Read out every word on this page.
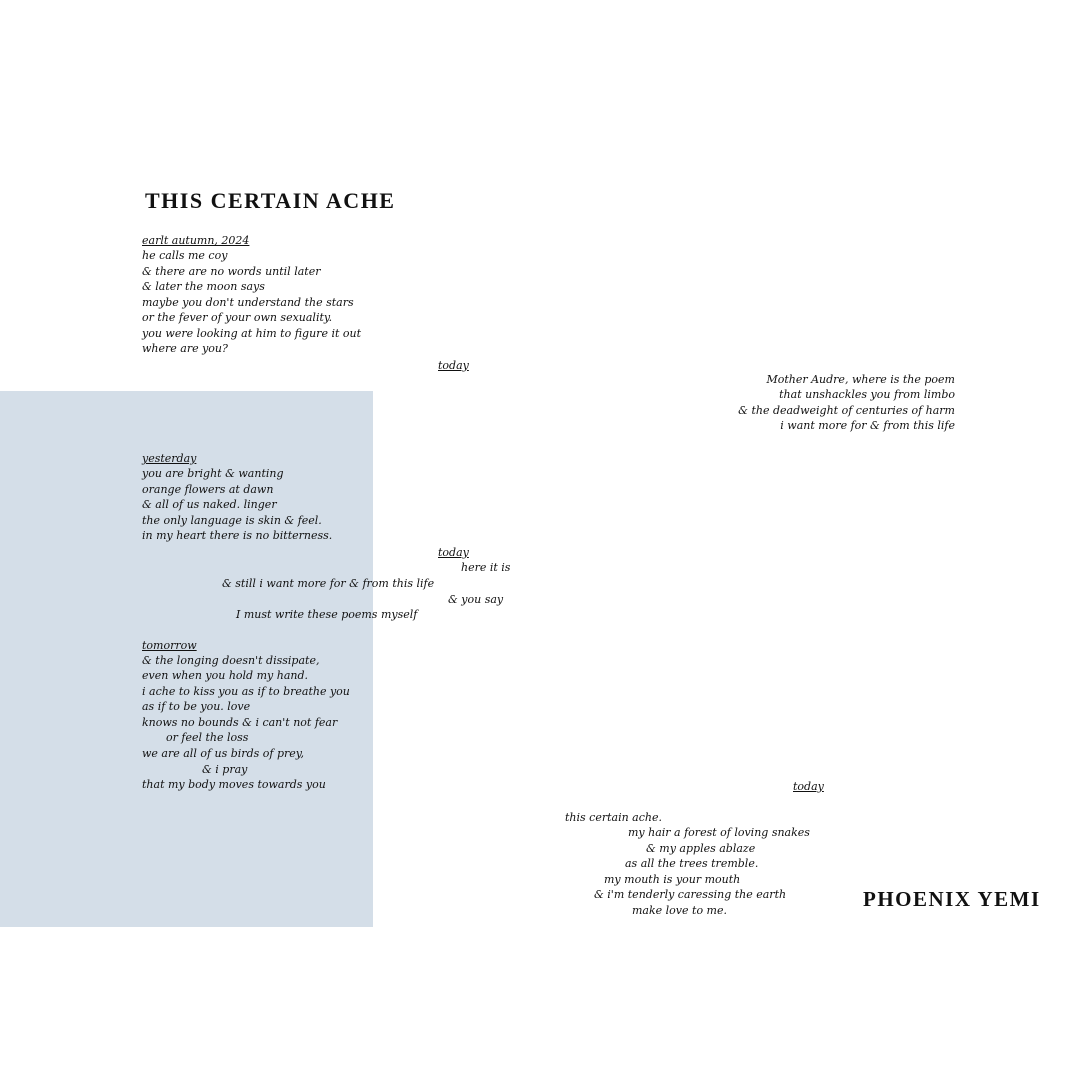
THIS CERTAIN ACHE
earlt autumn, 2024
he calls me coy
& there are no words until later
& later the moon says
maybe you don't understand the stars
or the fever of your own sexuality.
you were looking at him to figure it out
where are you?
today
Mother Audre, where is the poem
that unshackles you from limbo
& the deadweight of centuries of harm
i want more for & from this life
yesterday
you are bright & wanting
orange flowers at dawn
& all of us naked. linger
the only language is skin & feel.
in my heart there is no bitterness.
today
here it is
& still i want more for & from this life
& you say
I must write these poems myself
tomorrow
& the longing doesn't dissipate,
even when you hold my hand.
i ache to kiss you as if to breathe you
as if to be you. love
knows no bounds & i can't not fear
or feel the loss
we are all of us birds of prey,
& i pray
that my body moves towards you	today
this certain ache.
my hair a forest of loving snakes
& my apples ablaze
as all the trees tremble.
my mouth is your mouth
& i'm tenderly caressing the earth
make love to me.	PHOENIX YEMI
